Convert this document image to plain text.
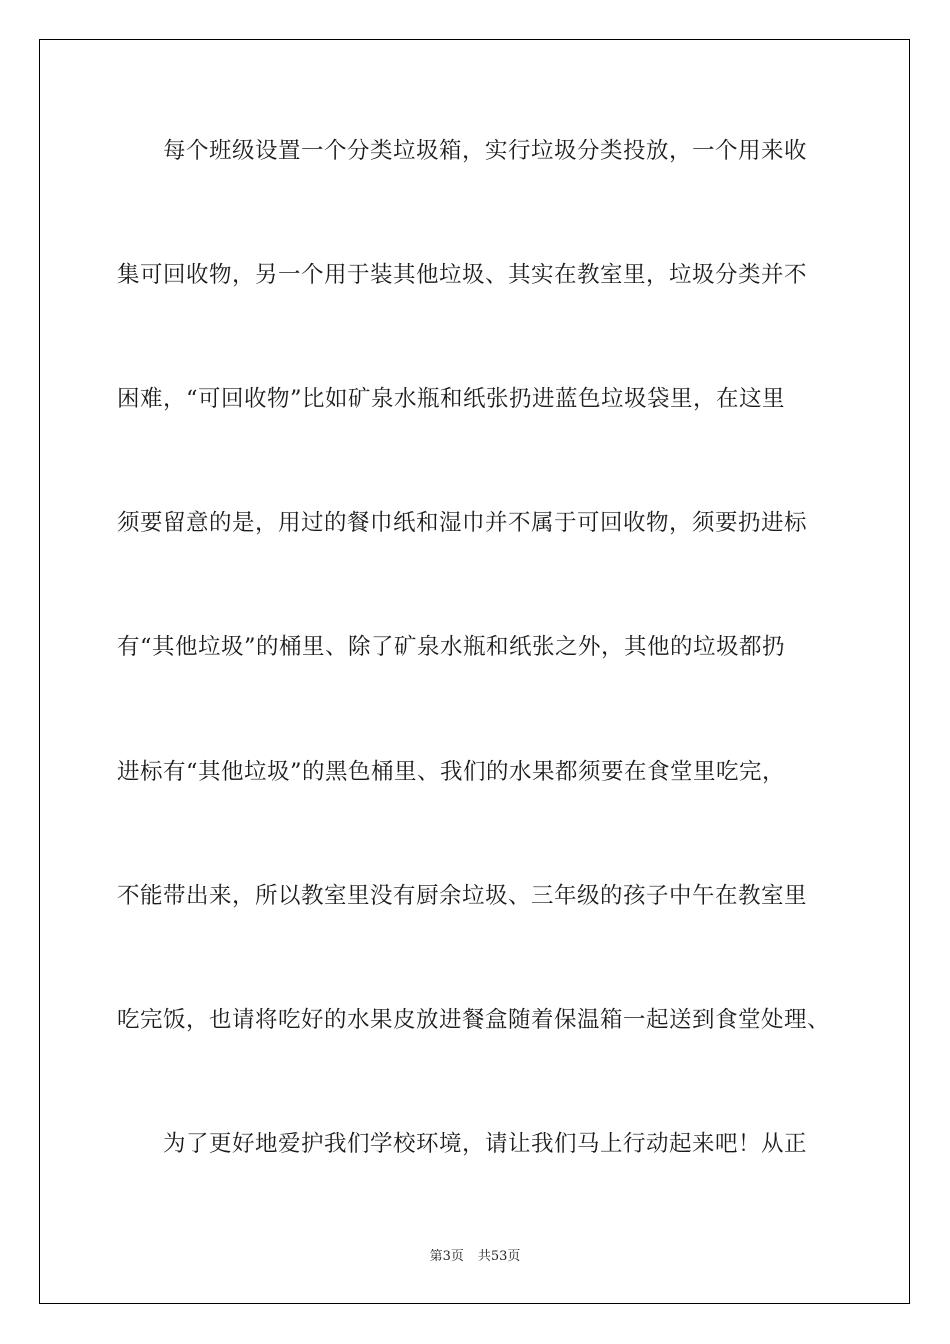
　　每个班级设置一个分类垃圾箱，实行垃圾分类投放，一个用来收
集可回收物，另一个用于装其他垃圾、其实在教室里，垃圾分类并不
困难，“可回收物”比如矿泉水瓶和纸张扔进蓝色垃圾袋里，在这里
须要留意的是，用过的餐巾纸和湿巾并不属于可回收物，须要扔进标
有“其他垃圾”的桶里、除了矿泉水瓶和纸张之外，其他的垃圾都扔
进标有“其他垃圾”的黑色桶里、我们的水果都须要在食堂里吃完，
不能带出来，所以教室里没有厨余垃圾、三年级的孩子中午在教室里
吃完饭，也请将吃好的水果皮放进餐盒随着保温箱一起送到食堂处理、
　　为了更好地爱护我们学校环境，请让我们马上行动起来吧！从正
第3页 共53页
